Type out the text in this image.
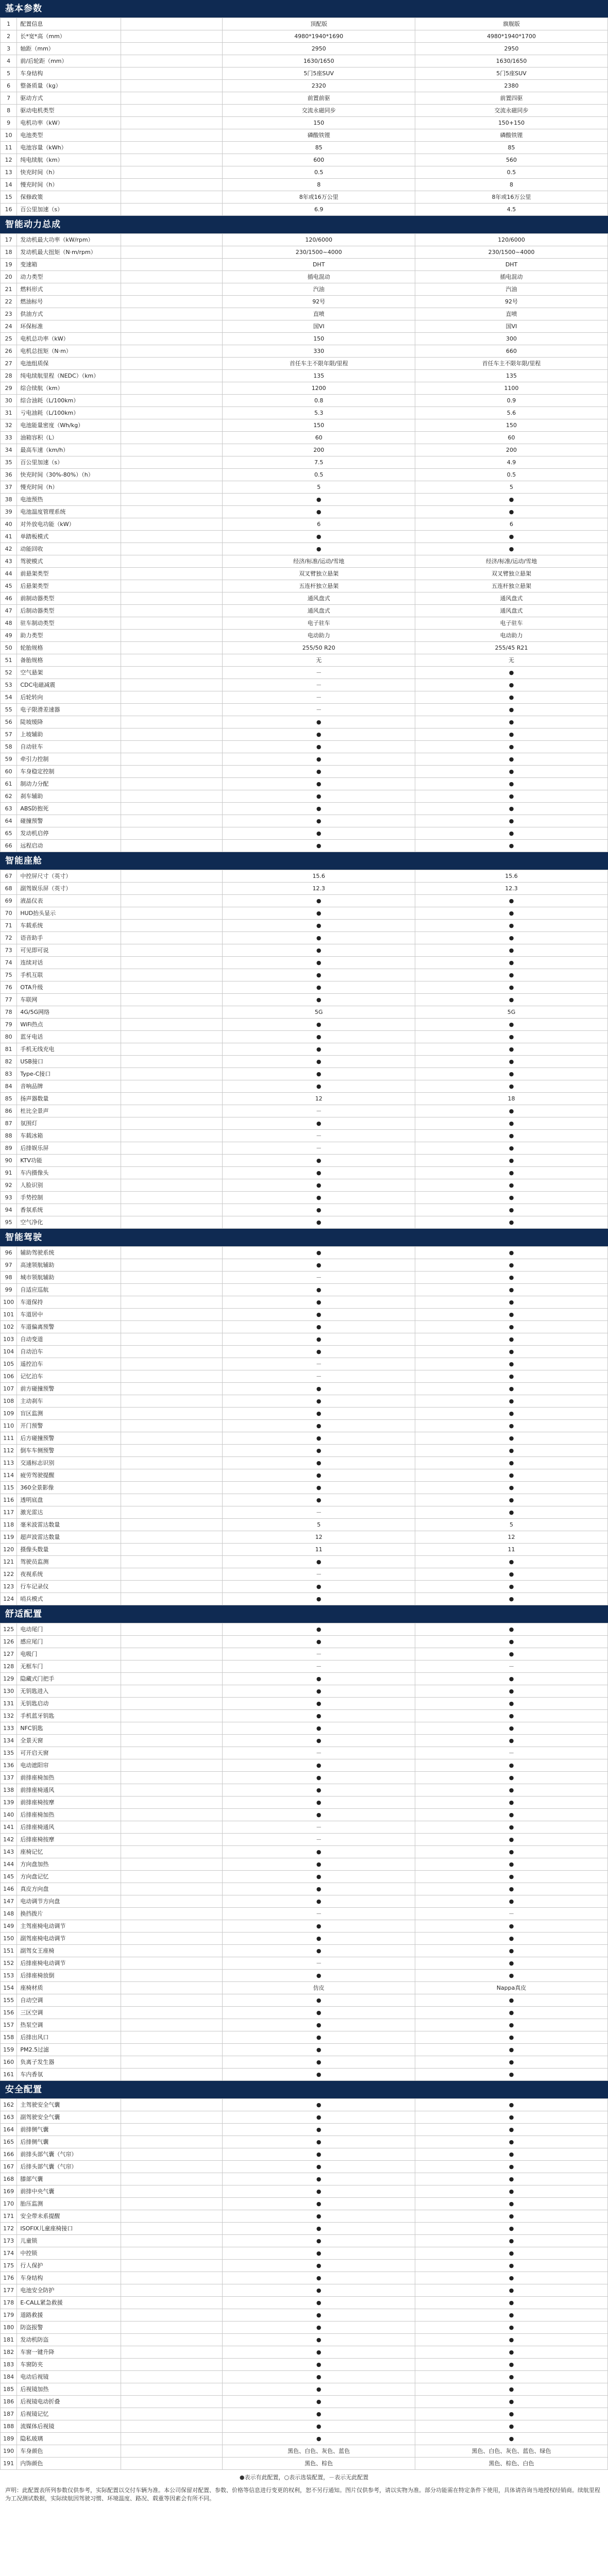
基本参数
1	配置信息		顶配版	旗舰版
2	长*宽*高（mm）		4980*1940*1690	4980*1940*1700
3	轴距（mm）		2950	2950
4	前/后轮距（mm）		1630/1650	1630/1650
5	车身结构		5门5座SUV	5门5座SUV
6	整备质量（kg）		2320	2380
7	驱动方式		前置前驱	前置四驱
8	驱动电机类型		交流永磁同步	交流永磁同步
9	电机功率（kW）		150	150+150
10	电池类型		磷酸铁锂	磷酸铁锂
11	电池容量（kWh）		85	85
12	纯电续航（km）		600	560
13	快充时间（h）		0.5	0.5
14	慢充时间（h）		8	8
15	保修政策		8年或16万公里	8年或16万公里
16	百公里加速（s）		6.9	4.5
智能动力总成
17	发动机最大功率（kW/rpm）		120/6000	120/6000
18	发动机最大扭矩（N·m/rpm）		230/1500~4000	230/1500~4000
19	变速箱		DHT	DHT
20	动力类型		插电混动	插电混动
21	燃料形式		汽油	汽油
22	燃油标号		92号	92号
23	供油方式		直喷	直喷
24	环保标准		国VI	国VI
25	电机总功率（kW）		150	300
26	电机总扭矩（N·m）		330	660
27	电池组质保		首任车主不限年限/里程	首任车主不限年限/里程
28	纯电续航里程（NEDC）（km）		135	135
29	综合续航（km）		1200	1100
30	综合油耗（L/100km）		0.8	0.9
31	亏电油耗（L/100km）		5.3	5.6
32	电池能量密度（Wh/kg）		150	150
33	油箱容积（L）		60	60
34	最高车速（km/h）		200	200
35	百公里加速（s）		7.5	4.9
36	快充时间（30%-80%）（h）		0.5	0.5
37	慢充时间（h）		5	5
38	电池预热		●	●
39	电池温度管理系统		●	●
40	对外放电功能（kW）		6	6
41	单踏板模式		●	●
42	动能回收		●	●
43	驾驶模式		经济/标准/运动/雪地	经济/标准/运动/雪地
44	前悬架类型		双叉臂独立悬架	双叉臂独立悬架
45	后悬架类型		五连杆独立悬架	五连杆独立悬架
46	前制动器类型		通风盘式	通风盘式
47	后制动器类型		通风盘式	通风盘式
48	驻车制动类型		电子驻车	电子驻车
49	助力类型		电动助力	电动助力
50	轮胎规格		255/50 R20	255/45 R21
51	备胎规格		无	无
52	空气悬架		－	●
53	CDC电磁减震		－	●
54	后轮转向		－	●
55	电子限滑差速器		－	●
56	陡坡缓降		●	●
57	上坡辅助		●	●
58	自动驻车		●	●
59	牵引力控制		●	●
60	车身稳定控制		●	●
61	制动力分配		●	●
62	刹车辅助		●	●
63	ABS防抱死		●	●
64	碰撞预警		●	●
65	发动机启停		●	●
66	远程启动		●	●
智能座舱
67	中控屏尺寸（英寸）		15.6	15.6
68	副驾娱乐屏（英寸）		12.3	12.3
69	液晶仪表		●	●
70	HUD抬头显示		●	●
71	车载系统		●	●
72	语音助手		●	●
73	可见即可说		●	●
74	连续对话		●	●
75	手机互联		●	●
76	OTA升级		●	●
77	车联网		●	●
78	4G/5G网络		5G	5G
79	WiFi热点		●	●
80	蓝牙电话		●	●
81	手机无线充电		●	●
82	USB接口		●	●
83	Type-C接口		●	●
84	音响品牌		●	●
85	扬声器数量		12	18
86	杜比全景声		－	●
87	氛围灯		●	●
88	车载冰箱		－	●
89	后排娱乐屏		－	●
90	KTV功能		●	●
91	车内摄像头		●	●
92	人脸识别		●	●
93	手势控制		●	●
94	香氛系统		●	●
95	空气净化		●	●
智能驾驶
96	辅助驾驶系统		●	●
97	高速领航辅助		●	●
98	城市领航辅助		－	●
99	自适应巡航		●	●
100	车道保持		●	●
101	车道居中		●	●
102	车道偏离预警		●	●
103	自动变道		●	●
104	自动泊车		●	●
105	遥控泊车		－	●
106	记忆泊车		－	●
107	前方碰撞预警		●	●
108	主动刹车		●	●
109	盲区监测		●	●
110	开门预警		●	●
111	后方碰撞预警		●	●
112	倒车车侧预警		●	●
113	交通标志识别		●	●
114	疲劳驾驶提醒		●	●
115	360全景影像		●	●
116	透明底盘		●	●
117	激光雷达		－	●
118	毫米波雷达数量		5	5
119	超声波雷达数量		12	12
120	摄像头数量		11	11
121	驾驶员监测		●	●
122	夜视系统		－	●
123	行车记录仪		●	●
124	哨兵模式		●	●
舒适配置
125	电动尾门		●	●
126	感应尾门		●	●
127	电吸门		－	●
128	无框车门		－	－
129	隐藏式门把手		●	●
130	无钥匙进入		●	●
131	无钥匙启动		●	●
132	手机蓝牙钥匙		●	●
133	NFC钥匙		●	●
134	全景天窗		●	●
135	可开启天窗		－	－
136	电动遮阳帘		●	●
137	前排座椅加热		●	●
138	前排座椅通风		●	●
139	前排座椅按摩		●	●
140	后排座椅加热		●	●
141	后排座椅通风		－	●
142	后排座椅按摩		－	●
143	座椅记忆		●	●
144	方向盘加热		●	●
145	方向盘记忆		●	●
146	真皮方向盘		●	●
147	电动调节方向盘		●	●
148	换挡拨片		－	－
149	主驾座椅电动调节		●	●
150	副驾座椅电动调节		●	●
151	副驾女王座椅		●	●
152	后排座椅电动调节		－	●
153	后排座椅放倒		●	●
154	座椅材质		仿皮	Nappa真皮
155	自动空调		●	●
156	三区空调		●	●
157	热泵空调		●	●
158	后排出风口		●	●
159	PM2.5过滤		●	●
160	负离子发生器		●	●
161	车内香氛		●	●
安全配置
162	主驾驶安全气囊		●	●
163	副驾驶安全气囊		●	●
164	前排侧气囊		●	●
165	后排侧气囊		●	●
166	前排头部气囊（气帘）		●	●
167	后排头部气囊（气帘）		●	●
168	膝部气囊		●	●
169	前排中央气囊		●	●
170	胎压监测		●	●
171	安全带未系提醒		●	●
172	ISOFIX儿童座椅接口		●	●
173	儿童锁		●	●
174	中控锁		●	●
175	行人保护		●	●
176	车身结构		●	●
177	电池安全防护		●	●
178	E-CALL紧急救援		●	●
179	道路救援		●	●
180	防盗报警		●	●
181	发动机防盗		●	●
182	车窗一键升降		●	●
183	车窗防夹		●	●
184	电动后视镜		●	●
185	后视镜加热		●	●
186	后视镜电动折叠		●	●
187	后视镜记忆		●	●
188	流媒体后视镜		●	●
189	隐私玻璃		●	●
190	车身颜色		黑色、白色、灰色、蓝色	黑色、白色、灰色、蓝色、绿色
191	内饰颜色		黑色、棕色	黑色、棕色、白色
●表示有此配置，○表示选装配置，－表示无此配置
声明：此配置表所列参数仅供参考，实际配置以交付车辆为准。本公司保留对配置、参数、价格等信息进行变更的权利，恕不另行通知。图片仅供参考，请以实物为准。部分功能需在特定条件下使用，具体请咨询当地授权经销商。续航里程为工况测试数据，实际续航因驾驶习惯、环境温度、路况、载重等因素会有所不同。
